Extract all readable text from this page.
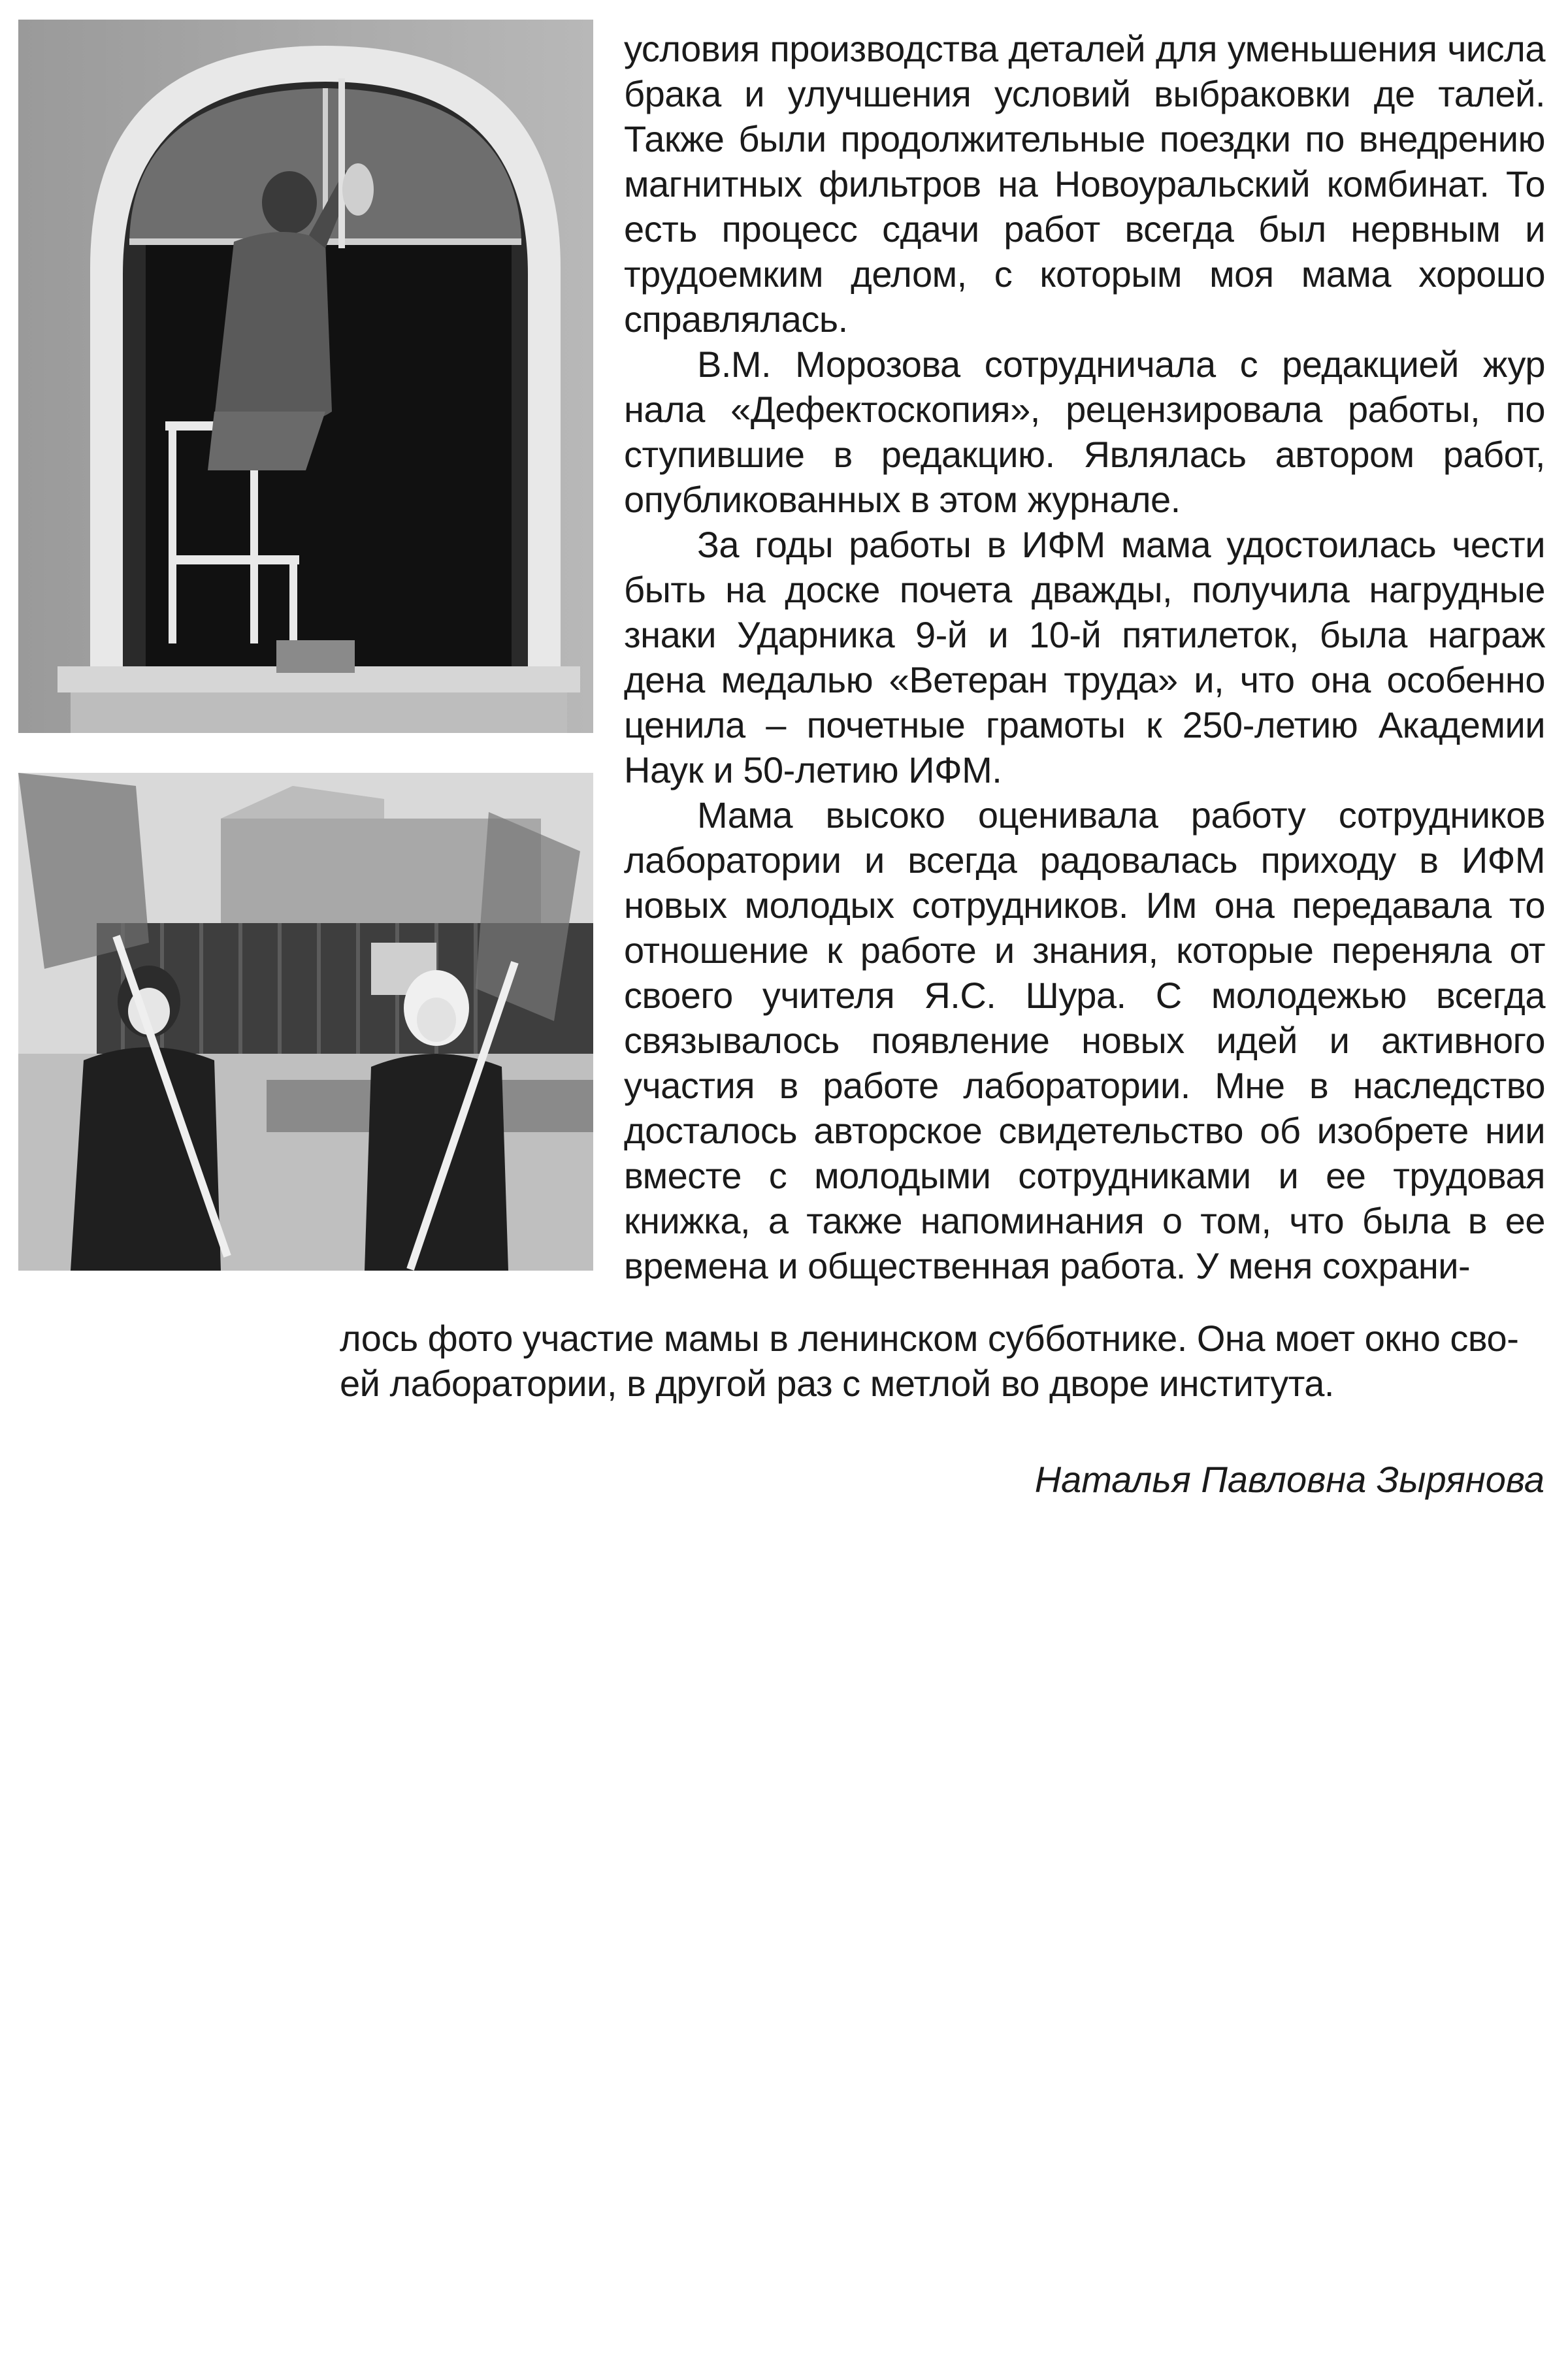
условия производства деталей для уменьшения числа брака и улучшения условий выбраковки де талей. Также были продолжительные поездки по внедрению магнитных фильтров на Новоуральский комбинат. То есть процесс сдачи работ всегда был нервным и трудоемким делом, с которым моя мама хорошо справлялась.

В.М. Морозова сотрудничала с редакцией жур нала «Дефектоскопия», рецензировала работы, по ступившие в редакцию. Являлась автором работ, опубликованных в этом журнале.

За годы работы в ИФМ мама удостоилась чести быть на доске почета дважды, получила нагрудные знаки Ударника 9-й и 10-й пятилеток, была награж дена медалью «Ветеран труда» и, что она особенно ценила – почетные грамоты к 250-летию Академии Наук и 50-летию ИФМ.

Мама высоко оценивала работу сотрудников лаборатории и всегда радовалась приходу в ИФМ новых молодых сотрудников. Им она передавала то отношение к работе и знания, которые переняла от своего учителя Я.С. Шура. С молодежью всегда связывалось появление новых идей и активного участия в работе лаборатории. Мне в наследство досталось авторское свидетельство об изобрете нии вместе с молодыми сотрудниками и ее трудовая книжка, а также напоминания о том, что была в ее времена и общественная работа. У меня сохрани-

лось фото участие мамы в ленинском субботнике. Она моет окно сво-
ей лаборатории, в другой раз с метлой во дворе института.
Наталья Павловна Зырянова
